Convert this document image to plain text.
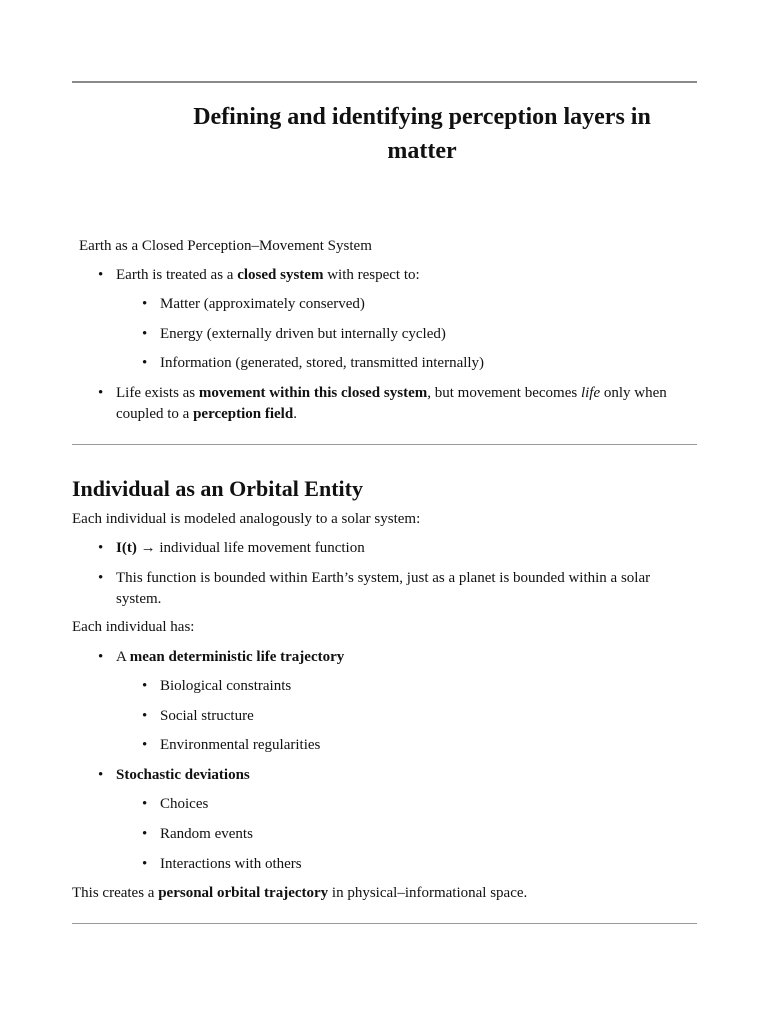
Defining and identifying perception layers in matter

Earth as a Closed Perception–Movement System

• Earth is treated as a closed system with respect to:
• Matter (approximately conserved)
• Energy (externally driven but internally cycled)
• Information (generated, stored, transmitted internally)
• Life exists as movement within this closed system, but movement becomes life only when coupled to a perception field.
Individual as an Orbital Entity

Each individual is modeled analogously to a solar system:

• I(t) → individual life movement function
• This function is bounded within Earth’s system, just as a planet is bounded within a solar system.

Each individual has:

• A mean deterministic life trajectory
• Biological constraints
• Social structure
• Environmental regularities
• Stochastic deviations
• Choices
• Random events
• Interactions with others

This creates a personal orbital trajectory in physical–informational space.
